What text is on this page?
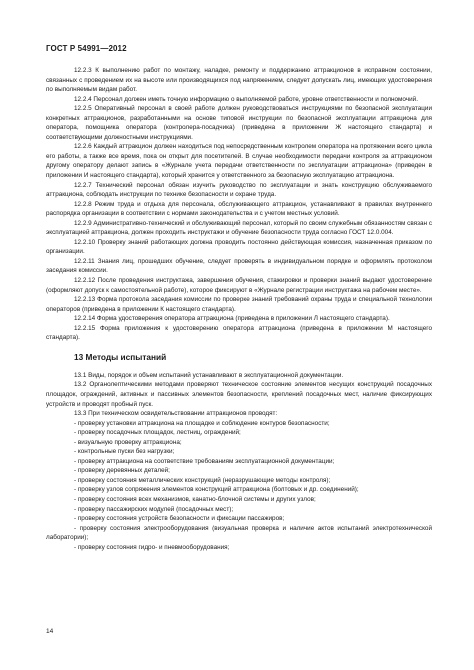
ГОСТ Р 54991—2012

12.2.3 К выполнению работ по монтажу, наладке, ремонту и поддержанию аттракционов в исправном состоянии, связанных с проведением их на высоте или производящихся под напряжением, следует допускать лиц, имеющих удостоверения по выполняемым видам работ.

12.2.4 Персонал должен иметь точную информацию о выполняемой работе, уровне ответственности и полномочий.

12.2.5 Оперативный персонал в своей работе должен руководствоваться инструкциями по безопасной эксплуатации конкретных аттракционов, разработанными на основе типовой инструкции по безопасной эксплуатации аттракциона для оператора, помощника оператора (контролера-посадчика) (приведена в приложении Ж настоящего стандарта) и соответствующими должностными инструкциями.

12.2.6 Каждый аттракцион должен находиться под непосредственным контролем оператора на протяжении всего цикла его работы, а также все время, пока он открыт для посетителей. В случае необходимости передачи контроля за аттракционом другому оператору делают запись в «Журнале учета передачи ответственности по эксплуатации аттракциона» (приведен в приложении И настоящего стандарта), который хранится у ответственного за безопасную эксплуатацию аттракциона.

12.2.7 Технический персонал обязан изучить руководство по эксплуатации и знать конструкцию обслуживаемого аттракциона, соблюдать инструкции по технике безопасности и охране труда.

12.2.8 Режим труда и отдыха для персонала, обслуживающего аттракцион, устанавливают в правилах внутреннего распорядка организации в соответствии с нормами законодательства и с учетом местных условий.

12.2.9 Административно-технический и обслуживающий персонал, который по своим служебным обязанностям связан с эксплуатацией аттракциона, должен проходить инструктажи и обучение безопасности труда согласно ГОСТ 12.0.004.

12.2.10 Проверку знаний работающих должна проводить постоянно действующая комиссия, назначенная приказом по организации.

12.2.11 Знания лиц, прошедших обучение, следует проверять в индивидуальном порядке и оформлять протоколом заседания комиссии.

12.2.12 После проведения инструктажа, завершения обучения, стажировки и проверки знаний выдают удостоверение (оформляют допуск к самостоятельной работе), которое фиксируют в «Журнале регистрации инструктажа на рабочем месте».

12.2.13 Форма протокола заседания комиссии по проверке знаний требований охраны труда и специальной технологии операторов (приведена в приложении К настоящего стандарта).

12.2.14 Форма удостоверения оператора аттракциона (приведена в приложении Л настоящего стандарта).

12.2.15 Форма приложения к удостоверению оператора аттракциона (приведена в приложении М настоящего стандарта).

13 Методы испытаний

13.1 Виды, порядок и объем испытаний устанавливают в эксплуатационной документации.

13.2 Органолептическими методами проверяют техническое состояние элементов несущих конструкций посадочных площадок, ограждений, активных и пассивных элементов безопасности, креплений посадочных мест, наличие фиксирующих устройств и проводят пробный пуск.

13.3 При техническом освидетельствовании аттракционов проводят:

- проверку установки аттракциона на площадке и соблюдение контуров безопасности;
- проверку посадочных площадок, лестниц, ограждений;
- визуальную проверку аттракциона;
- контрольные пуски без нагрузки;
- проверку аттракциона на соответствие требованиям эксплуатационной документации;
- проверку деревянных деталей;
- проверку состояния металлических конструкций (неразрушающие методы контроля);
- проверку узлов сопряжения элементов конструкций аттракциона (болтовых и др. соединений);
- проверку состояния всех механизмов, канатно-блочной системы и других узлов;
- проверку пассажирских модулей (посадочных мест);
- проверку состояния устройств безопасности и фиксации пассажиров;
- проверку состояния электрооборудования (визуальная проверка и наличие актов испытаний электротехнической лаборатории);
- проверку состояния гидро- и пневмооборудования;
14
